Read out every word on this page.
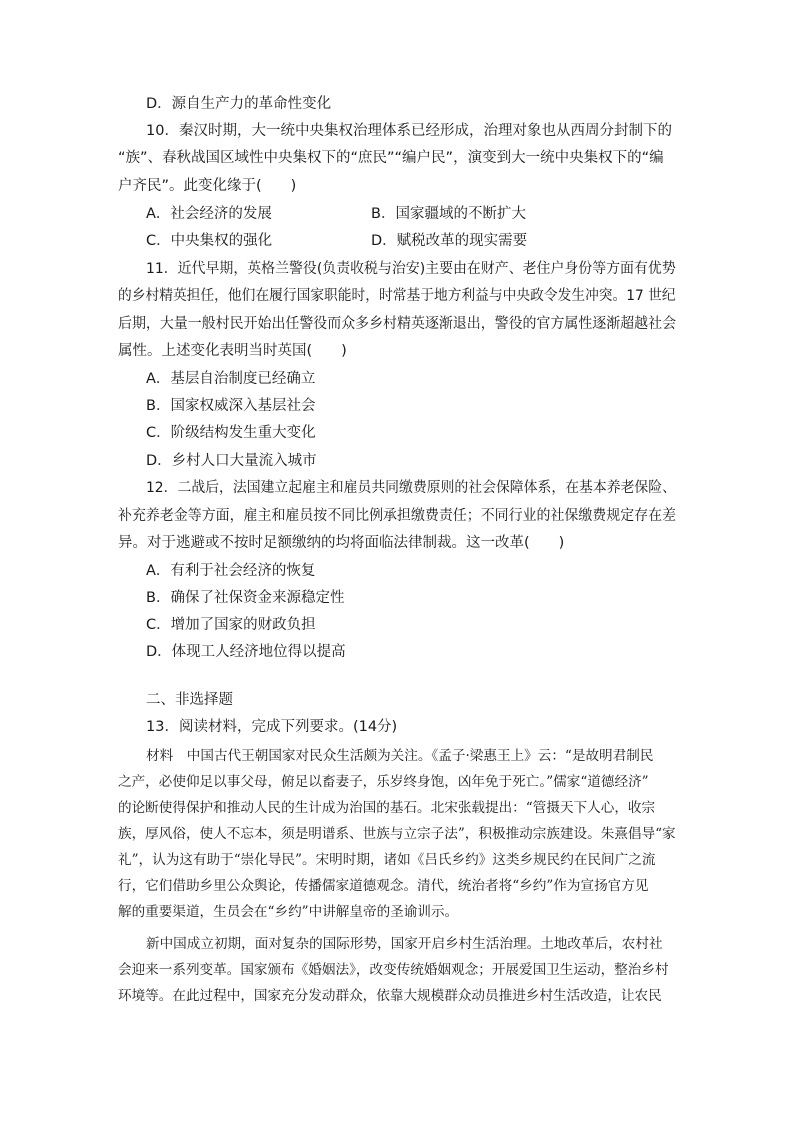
D．源自生产力的革命性变化
10．秦汉时期，大一统中央集权治理体系已经形成，治理对象也从西周分封制下的
“族”、春秋战国区域性中央集权下的“庶民”“编户民”，演变到大一统中央集权下的“编
户齐民”。此变化缘于(　　)
A．社会经济的发展	B．国家疆域的不断扩大
C．中央集权的强化	D．赋税改革的现实需要
11．近代早期，英格兰警役(负责收税与治安)主要由在财产、老住户身份等方面有优势
的乡村精英担任，他们在履行国家职能时，时常基于地方利益与中央政令发生冲突。17 世纪
后期，大量一般村民开始出任警役而众多乡村精英逐渐退出，警役的官方属性逐渐超越社会
属性。上述变化表明当时英国(　　)
A．基层自治制度已经确立
B．国家权威深入基层社会
C．阶级结构发生重大变化
D．乡村人口大量流入城市
12．二战后，法国建立起雇主和雇员共同缴费原则的社会保障体系，在基本养老保险、
补充养老金等方面，雇主和雇员按不同比例承担缴费责任；不同行业的社保缴费规定存在差
异。对于逃避或不按时足额缴纳的均将面临法律制裁。这一改革(　　)
A．有利于社会经济的恢复
B．确保了社保资金来源稳定性
C．增加了国家的财政负担
D．体现工人经济地位得以提高
二、非选择题
13．阅读材料，完成下列要求。(14分)
材料　中国古代王朝国家对民众生活颇为关注。《孟子·梁惠王上》云：“是故明君制民
之产，必使仰足以事父母，俯足以畜妻子，乐岁终身饱，凶年免于死亡。”儒家“道德经济”
的论断使得保护和推动人民的生计成为治国的基石。北宋张载提出：“管摄天下人心，收宗
族，厚风俗，使人不忘本，须是明谱系、世族与立宗子法”，积极推动宗族建设。朱熹倡导“家
礼”，认为这有助于“崇化导民”。宋明时期，诸如《吕氏乡约》这类乡规民约在民间广之流
行，它们借助乡里公众舆论，传播儒家道德观念。清代，统治者将“乡约”作为宣扬官方见
解的重要渠道，生员会在“乡约”中讲解皇帝的圣谕训示。
新中国成立初期，面对复杂的国际形势，国家开启乡村生活治理。土地改革后，农村社
会迎来一系列变革。国家颁布《婚姻法》，改变传统婚姻观念；开展爱国卫生运动，整治乡村
环境等。在此过程中，国家充分发动群众，依靠大规模群众动员推进乡村生活改造，让农民
